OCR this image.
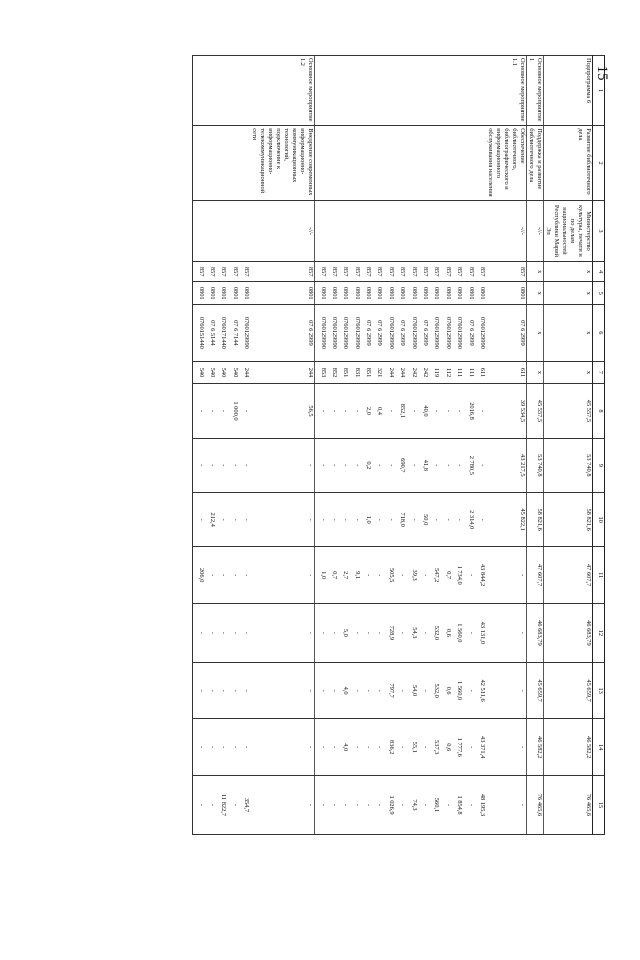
15
1	2	3	4	5	6	7	8	9	10	11	12	13	14	15
Подпрограмма 6	Развитие библиотечного дела	Министерство культуры, печати и по делам национальностей Республики Марий Эл	x	x	x	x	45 557,5	53 740,8	58 821,6	47 607,7	46 683,79	45 659,7	46 582,2	76 465,6
Основное мероприятие 1	Поддержка и развитие библиотечного дела	-//-	x	x	x	x	45 557,5	53 740,8	58 821,6	47 607,7	46 683,79	45 659,7	46 582,2	76 465,6
Основное мероприятие 1.1	Обеспечение библиотечного, библиографического и информационного обслуживания населения	-//-	857	0801	07 6 2999	611	39 534,5	43 217,5	45 822,1	-	-	-	-	-
			857	0801	0760129990	611	-	-	-	43 844,2	43 131,0	42 511,6	43 371,4	48 195,3
			857	0801	07 6 2999	111	2016,8	2 780,5	2 314,0	-	-	-	-	-
			857	0801	0760129990	111	-	-	-	1 734,0	1 560,0	1 560,0	1 777,6	1 854,8
			857	0801	0760129990	112	-	-	-	0,7	0,6	0,6	0,6	-
			857	0801	0760129990	119	-	-	-	547,2	532,0	532,0	537,3	560,1
			857	0801	07 6 2999	242	40,0	41,8	50,0	-	-	-	-	-
			857	0801	0760129990	242	-	-	-	39,3	54,3	54,0	55,1	74,3
			857	0801	07 6 2999	244	852,1	690,7	718,0	-	-	-	-	-
			857	0801	0760129990	244	-	-	-	505,5	728,9	797,7	836,2	1 026,9
			857	0801	07 6 2999	321	0,4	-	-	-	-	-	-	-
			857	0801	07 6 2999	851	2,0	0,2	1,0	-	-	-	-	-
			857	0801	0760129990	831	-	-	-	9,1	-	-	-	-
			857	0801	0760129990	851	-	-	-	2,7	5,0	4,0	4,0	-
			857	0801	0760129990	852	-	-	-	0,7	-	-	-	-
			857	0801	0760129990	853	-	-	-	1,0	-	-	-	-
Основное мероприятие 1.2	Внедрение современных информационно-коммуникационных технологий, подключение к информационно-телекоммуникационной сети	-//-	857	0801	07 6 2999	244	56,5	-	-	-	-	-	-	-
			857	0801	0760129990	244	-	-	-	-	-	-	-	354,7
			857	0801	07 6 7144	540	1 000,0	-	-	-	-	-	-	-
			857	0801	0760171440	540	-	-	-	-	-	-	-	11 822,7
			857	0801	07 6 5144	540	-	-	212,4	-	-	-	-	-
			857	0801	0760151440	540	-	-	-	206,0	-	-	-	-
